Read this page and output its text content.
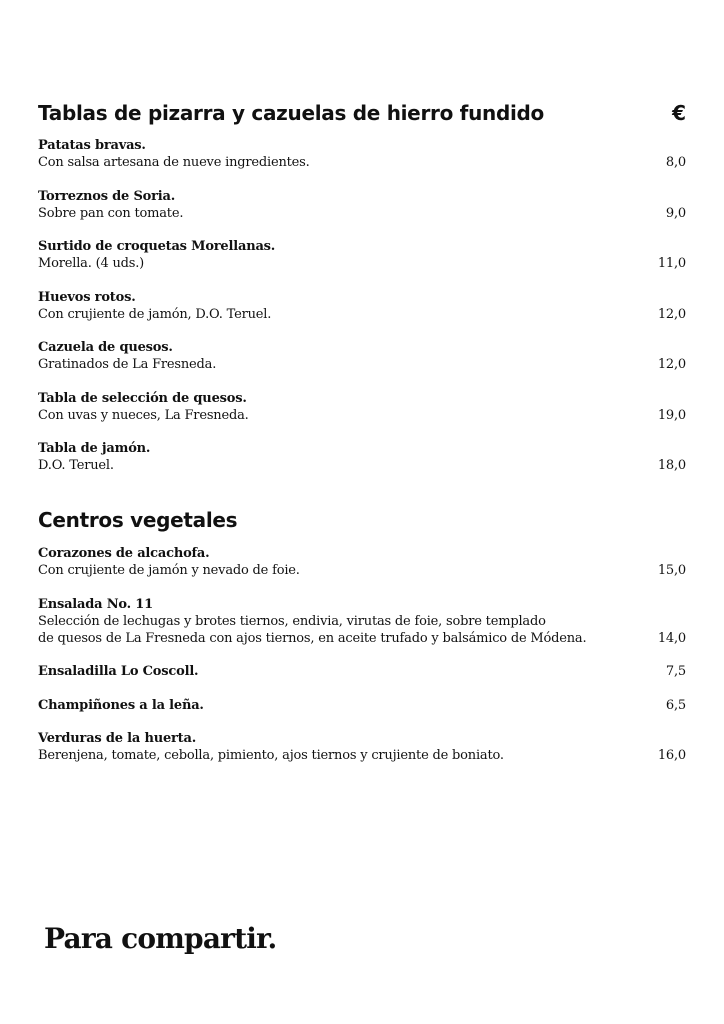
Tablas de pizarra y cazuelas de hierro fundido	€
Patatas bravas.
Con salsa artesana de nueve ingredientes.	8,0
Torreznos de Soria.
Sobre pan con tomate.	9,0
Surtido de croquetas Morellanas.
Morella. (4 uds.)	11,0
Huevos rotos.
Con crujiente de jamón, D.O. Teruel.	12,0
Cazuela de quesos.
Gratinados de La Fresneda.	12,0
Tabla de selección de quesos.
Con uvas y nueces, La Fresneda.	19,0
Tabla de jamón.
D.O. Teruel.	18,0
Centros vegetales
Corazones de alcachofa.
Con crujiente de jamón y nevado de foie.	15,0
Ensalada No. 11
Selección de lechugas y brotes tiernos, endivia, virutas de foie, sobre templado
de quesos de La Fresneda con ajos tiernos, en aceite trufado y balsámico de Módena.	14,0
Ensaladilla Lo Coscoll.	7,5
Champiñones a la leña.	6,5
Verduras de la huerta.
Berenjena, tomate, cebolla, pimiento, ajos tiernos y crujiente de boniato.	16,0
Para compartir.
